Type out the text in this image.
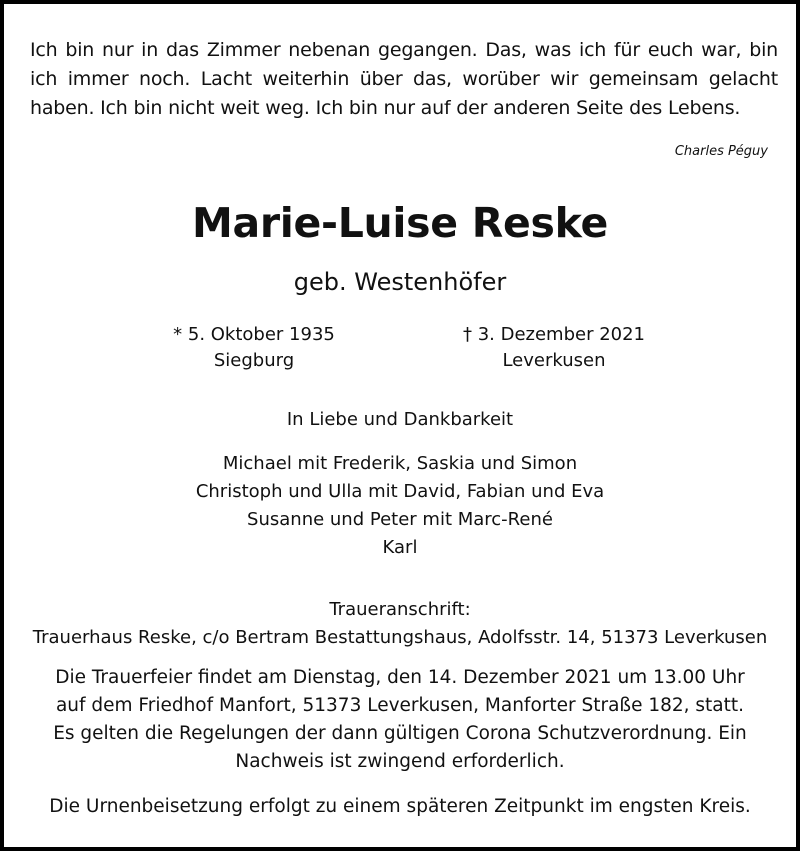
Ich bin nur in das Zimmer nebenan gegangen. Das, was ich für euch war, bin ich immer noch. Lacht weiterhin über das, worüber wir gemeinsam gelacht haben. Ich bin nicht weit weg. Ich bin nur auf der anderen Seite des Lebens.

Charles Péguy

Marie-Luise Reske

geb. Westenhöfer

* 5. Oktober 1935
Siegburg
† 3. Dezember 2021
Leverkusen
In Liebe und Dankbarkeit
Michael mit Frederik, Saskia und Simon
Christoph und Ulla mit David, Fabian und Eva
Susanne und Peter mit Marc-René
Karl
Traueranschrift:
Trauerhaus Reske, c/o Bertram Bestattungshaus, Adolfsstr. 14, 51373 Leverkusen
Die Trauerfeier findet am Dienstag, den 14. Dezember 2021 um 13.00 Uhr
auf dem Friedhof Manfort, 51373 Leverkusen, Manforter Straße 182, statt.
Es gelten die Regelungen der dann gültigen Corona Schutzverordnung. Ein
Nachweis ist zwingend erforderlich.
Die Urnenbeisetzung erfolgt zu einem späteren Zeitpunkt im engsten Kreis.
